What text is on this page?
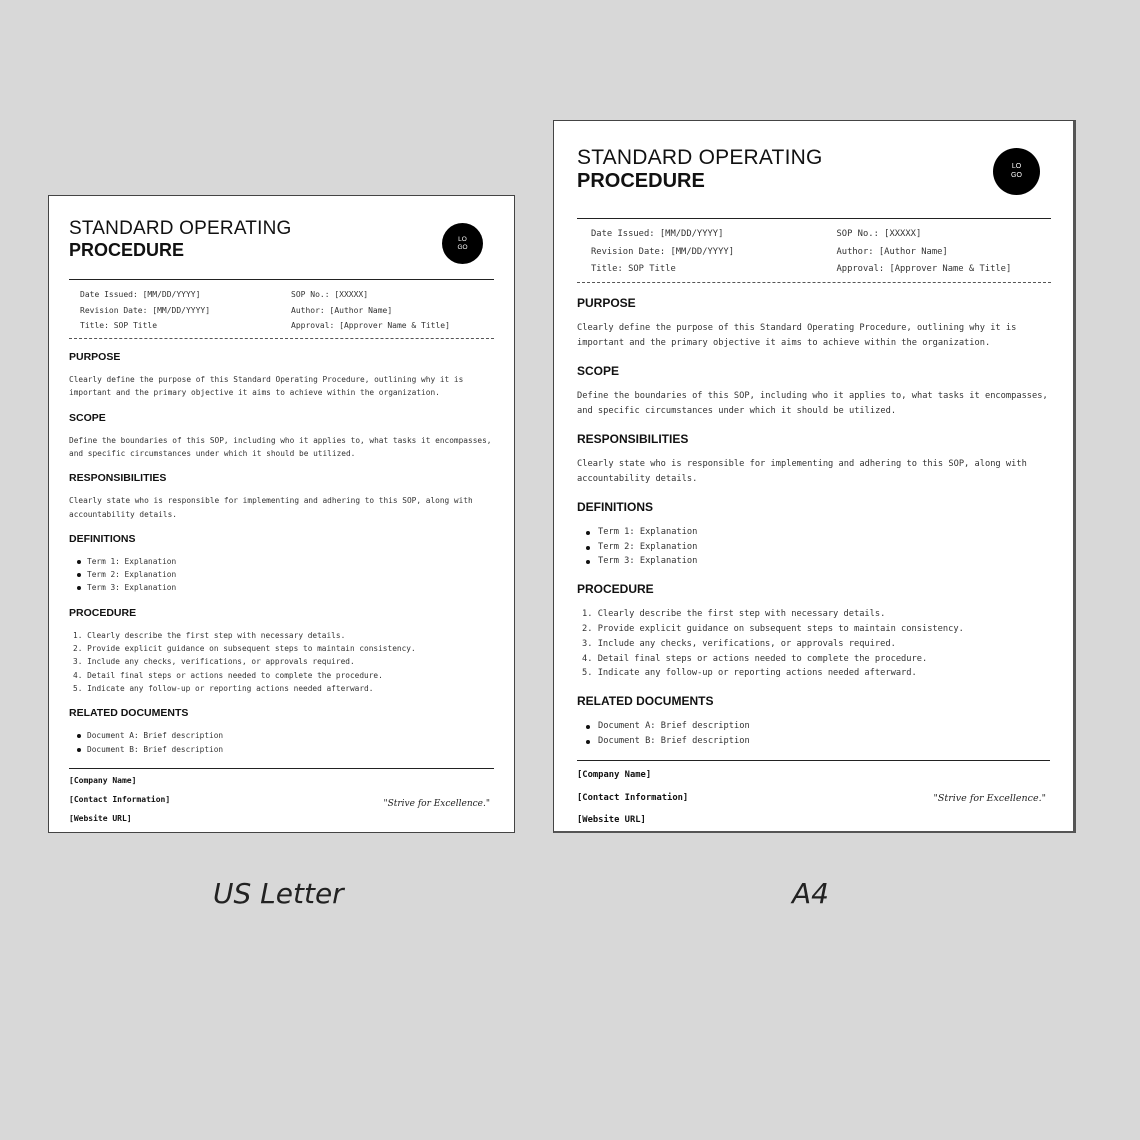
STANDARD OPERATING
PROCEDURE
LO
GO
Date Issued: [MM/DD/YYYY]
Revision Date: [MM/DD/YYYY]
Title: SOP Title
SOP No.: [XXXXX]
Author: [Author Name]
Approval: [Approver Name & Title]
PURPOSE
Clearly define the purpose of this Standard Operating Procedure, outlining why it is important and the primary objective it aims to achieve within the organization.
SCOPE
Define the boundaries of this SOP, including who it applies to, what tasks it encompasses, and specific circumstances under which it should be utilized.
RESPONSIBILITIES
Clearly state who is responsible for implementing and adhering to this SOP, along with accountability details.
DEFINITIONS
Term 1: Explanation
Term 2: Explanation
Term 3: Explanation
PROCEDURE
1. Clearly describe the first step with necessary details.
2. Provide explicit guidance on subsequent steps to maintain consistency.
3. Include any checks, verifications, or approvals required.
4. Detail final steps or actions needed to complete the procedure.
5. Indicate any follow-up or reporting actions needed afterward.
RELATED DOCUMENTS
Document A: Brief description
Document B: Brief description
[Company Name]
[Contact Information]
[Website URL]
"Strive for Excellence."
STANDARD OPERATING
PROCEDURE
LO
GO
Date Issued: [MM/DD/YYYY]
Revision Date: [MM/DD/YYYY]
Title: SOP Title
SOP No.: [XXXXX]
Author: [Author Name]
Approval: [Approver Name & Title]
PURPOSE
Clearly define the purpose of this Standard Operating Procedure, outlining why it is important and the primary objective it aims to achieve within the organization.
SCOPE
Define the boundaries of this SOP, including who it applies to, what tasks it encompasses, and specific circumstances under which it should be utilized.
RESPONSIBILITIES
Clearly state who is responsible for implementing and adhering to this SOP, along with accountability details.
DEFINITIONS
Term 1: Explanation
Term 2: Explanation
Term 3: Explanation
PROCEDURE
1. Clearly describe the first step with necessary details.
2. Provide explicit guidance on subsequent steps to maintain consistency.
3. Include any checks, verifications, or approvals required.
4. Detail final steps or actions needed to complete the procedure.
5. Indicate any follow-up or reporting actions needed afterward.
RELATED DOCUMENTS
Document A: Brief description
Document B: Brief description
[Company Name]
[Contact Information]
[Website URL]
"Strive for Excellence."
US Letter	A4
